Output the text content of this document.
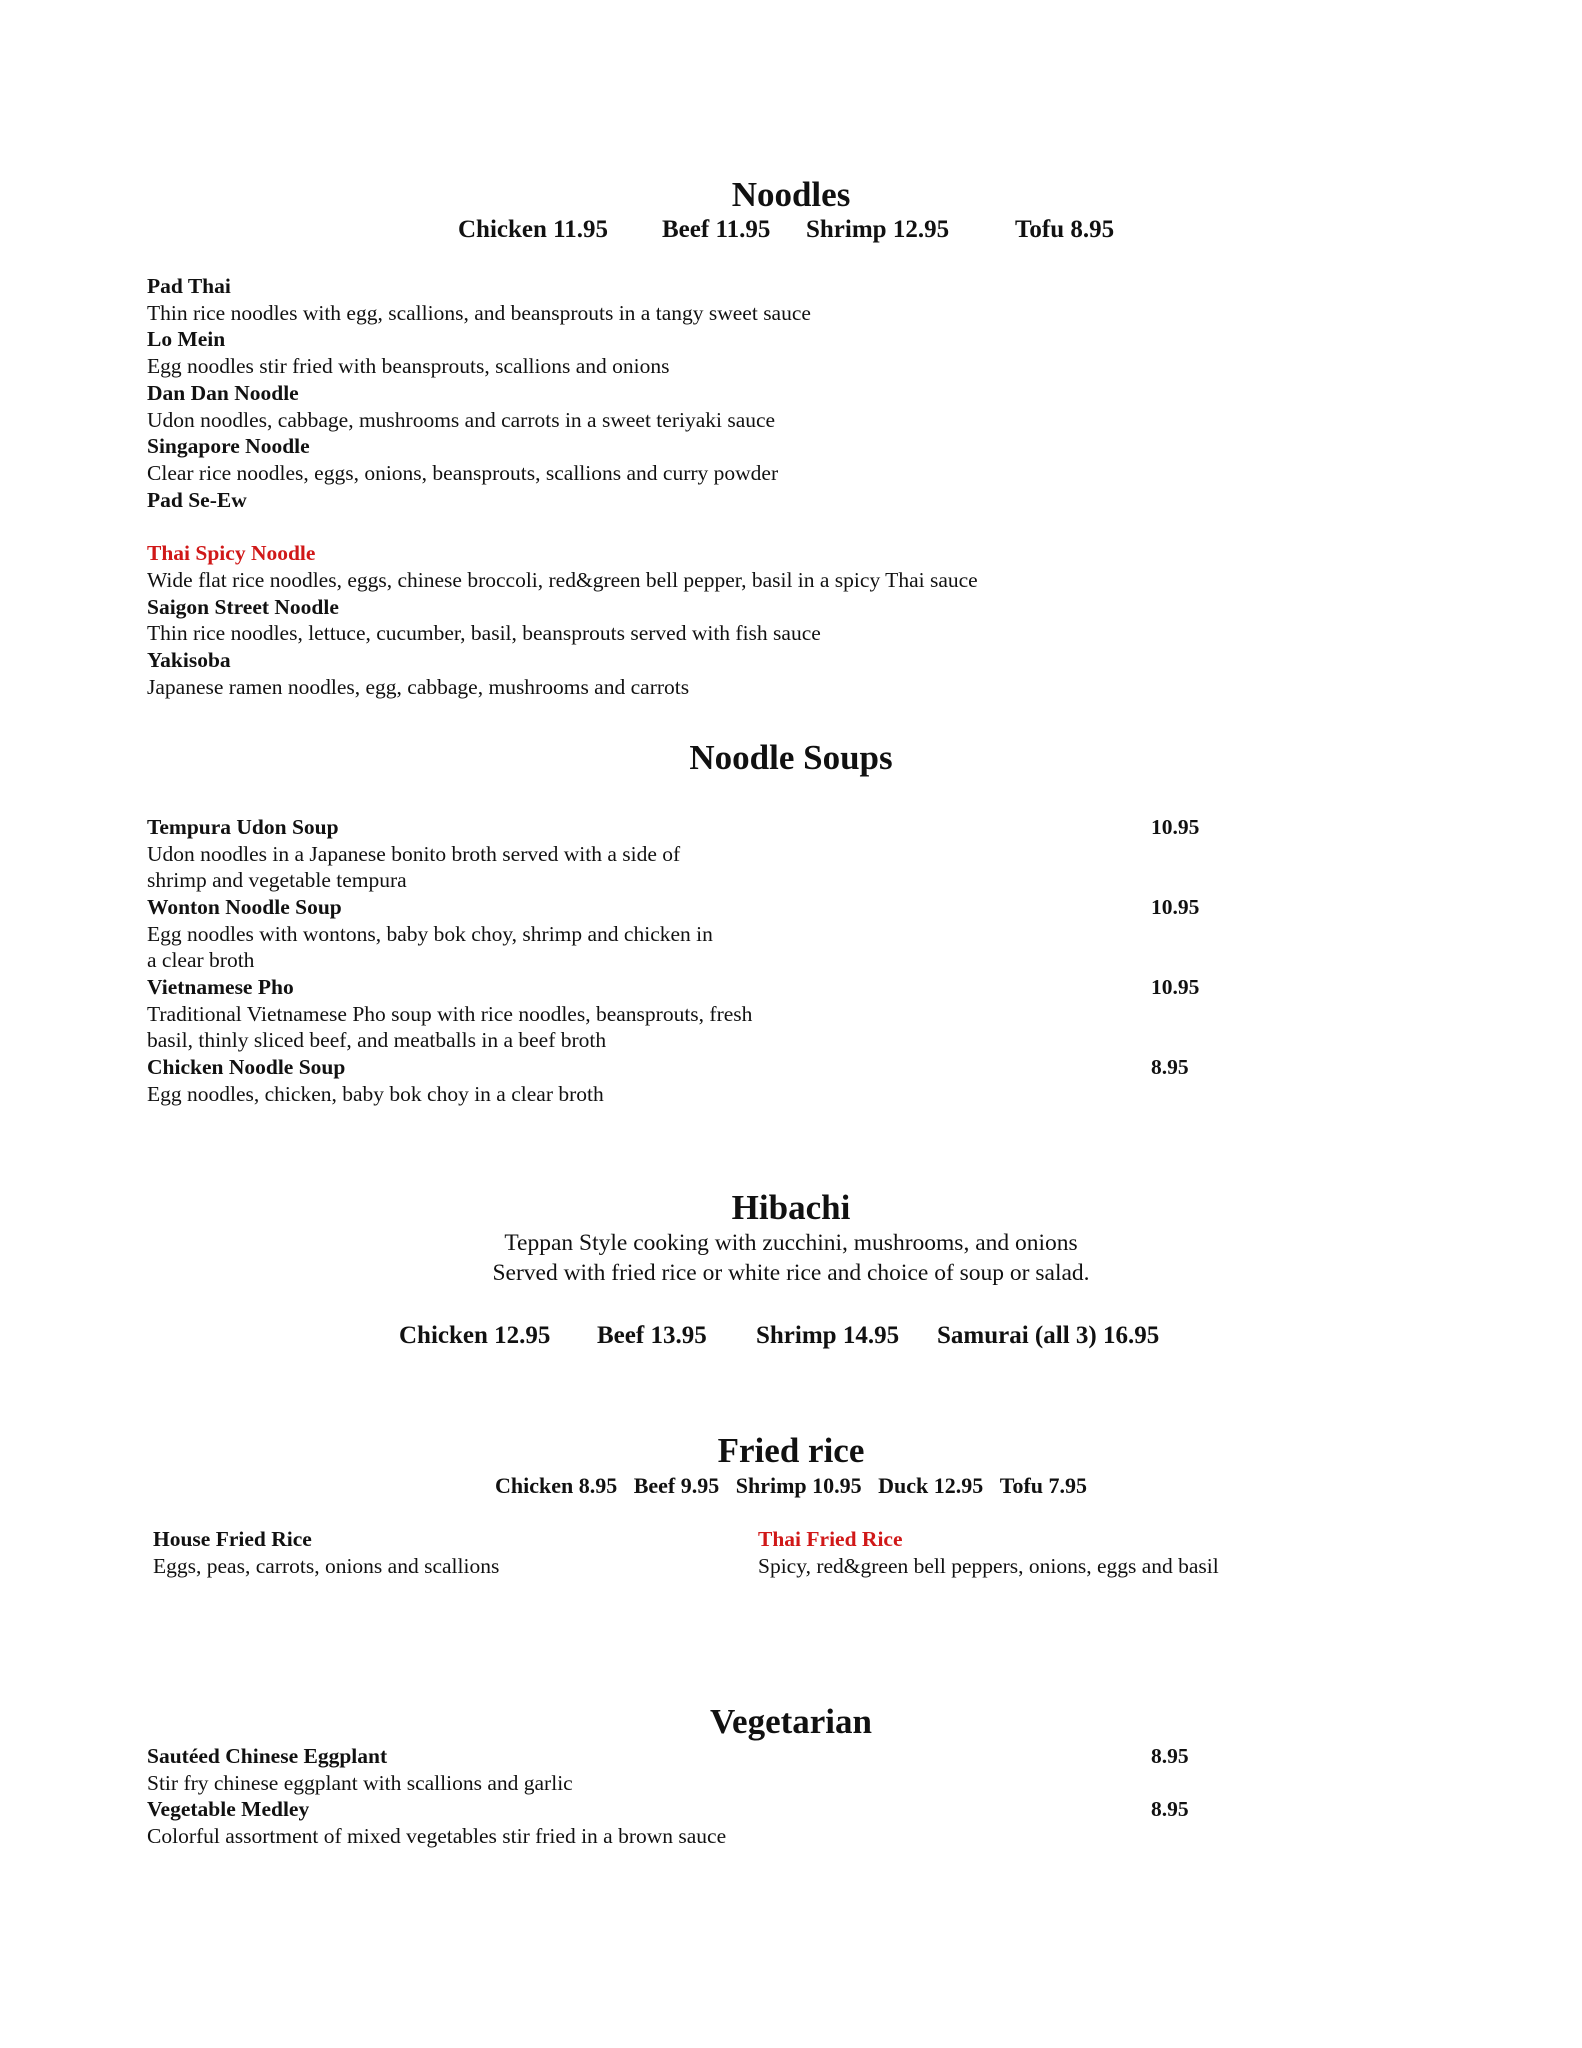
Noodles
Chicken 11.95 Beef 11.95 Shrimp 12.95	Tofu 8.95
Pad Thai
Thin rice noodles with egg, scallions, and beansprouts in a tangy sweet sauce
Lo Mein
Egg noodles stir fried with beansprouts, scallions and onions
Dan Dan Noodle
Udon noodles, cabbage, mushrooms and carrots in a sweet teriyaki sauce
Singapore Noodle
Clear rice noodles, eggs, onions, beansprouts, scallions and curry powder
Pad Se-Ew
Thai Spicy Noodle
Wide flat rice noodles, eggs, chinese broccoli, red&green bell pepper, basil in a spicy Thai sauce
Saigon Street Noodle
Thin rice noodles, lettuce, cucumber, basil, beansprouts served with fish sauce
Yakisoba
Japanese ramen noodles, egg, cabbage, mushrooms and carrots
Noodle Soups
Tempura Udon Soup	10.95
Udon noodles in a Japanese bonito broth served with a side of
shrimp and vegetable tempura
Wonton Noodle Soup	10.95
Egg noodles with wontons, baby bok choy, shrimp and chicken in
a clear broth
Vietnamese Pho	10.95
Traditional Vietnamese Pho soup with rice noodles, beansprouts, fresh
basil, thinly sliced beef, and meatballs in a beef broth
Chicken Noodle Soup	8.95
Egg noodles, chicken, baby bok choy in a clear broth
Hibachi
Teppan Style cooking with zucchini, mushrooms, and onions
Served with fried rice or white rice and choice of soup or salad.
Chicken 12.95 Beef 13.95 Shrimp 14.95 Samurai (all 3) 16.95
Fried rice
Chicken 8.95 Beef 9.95 Shrimp 10.95 Duck 12.95 Tofu 7.95
House Fried Rice
Eggs, peas, carrots, onions and scallions
Thai Fried Rice
Spicy, red&green bell peppers, onions, eggs and basil
Vegetarian
Sautéed Chinese Eggplant	8.95
Stir fry chinese eggplant with scallions and garlic
Vegetable Medley	8.95
Colorful assortment of mixed vegetables stir fried in a brown sauce
